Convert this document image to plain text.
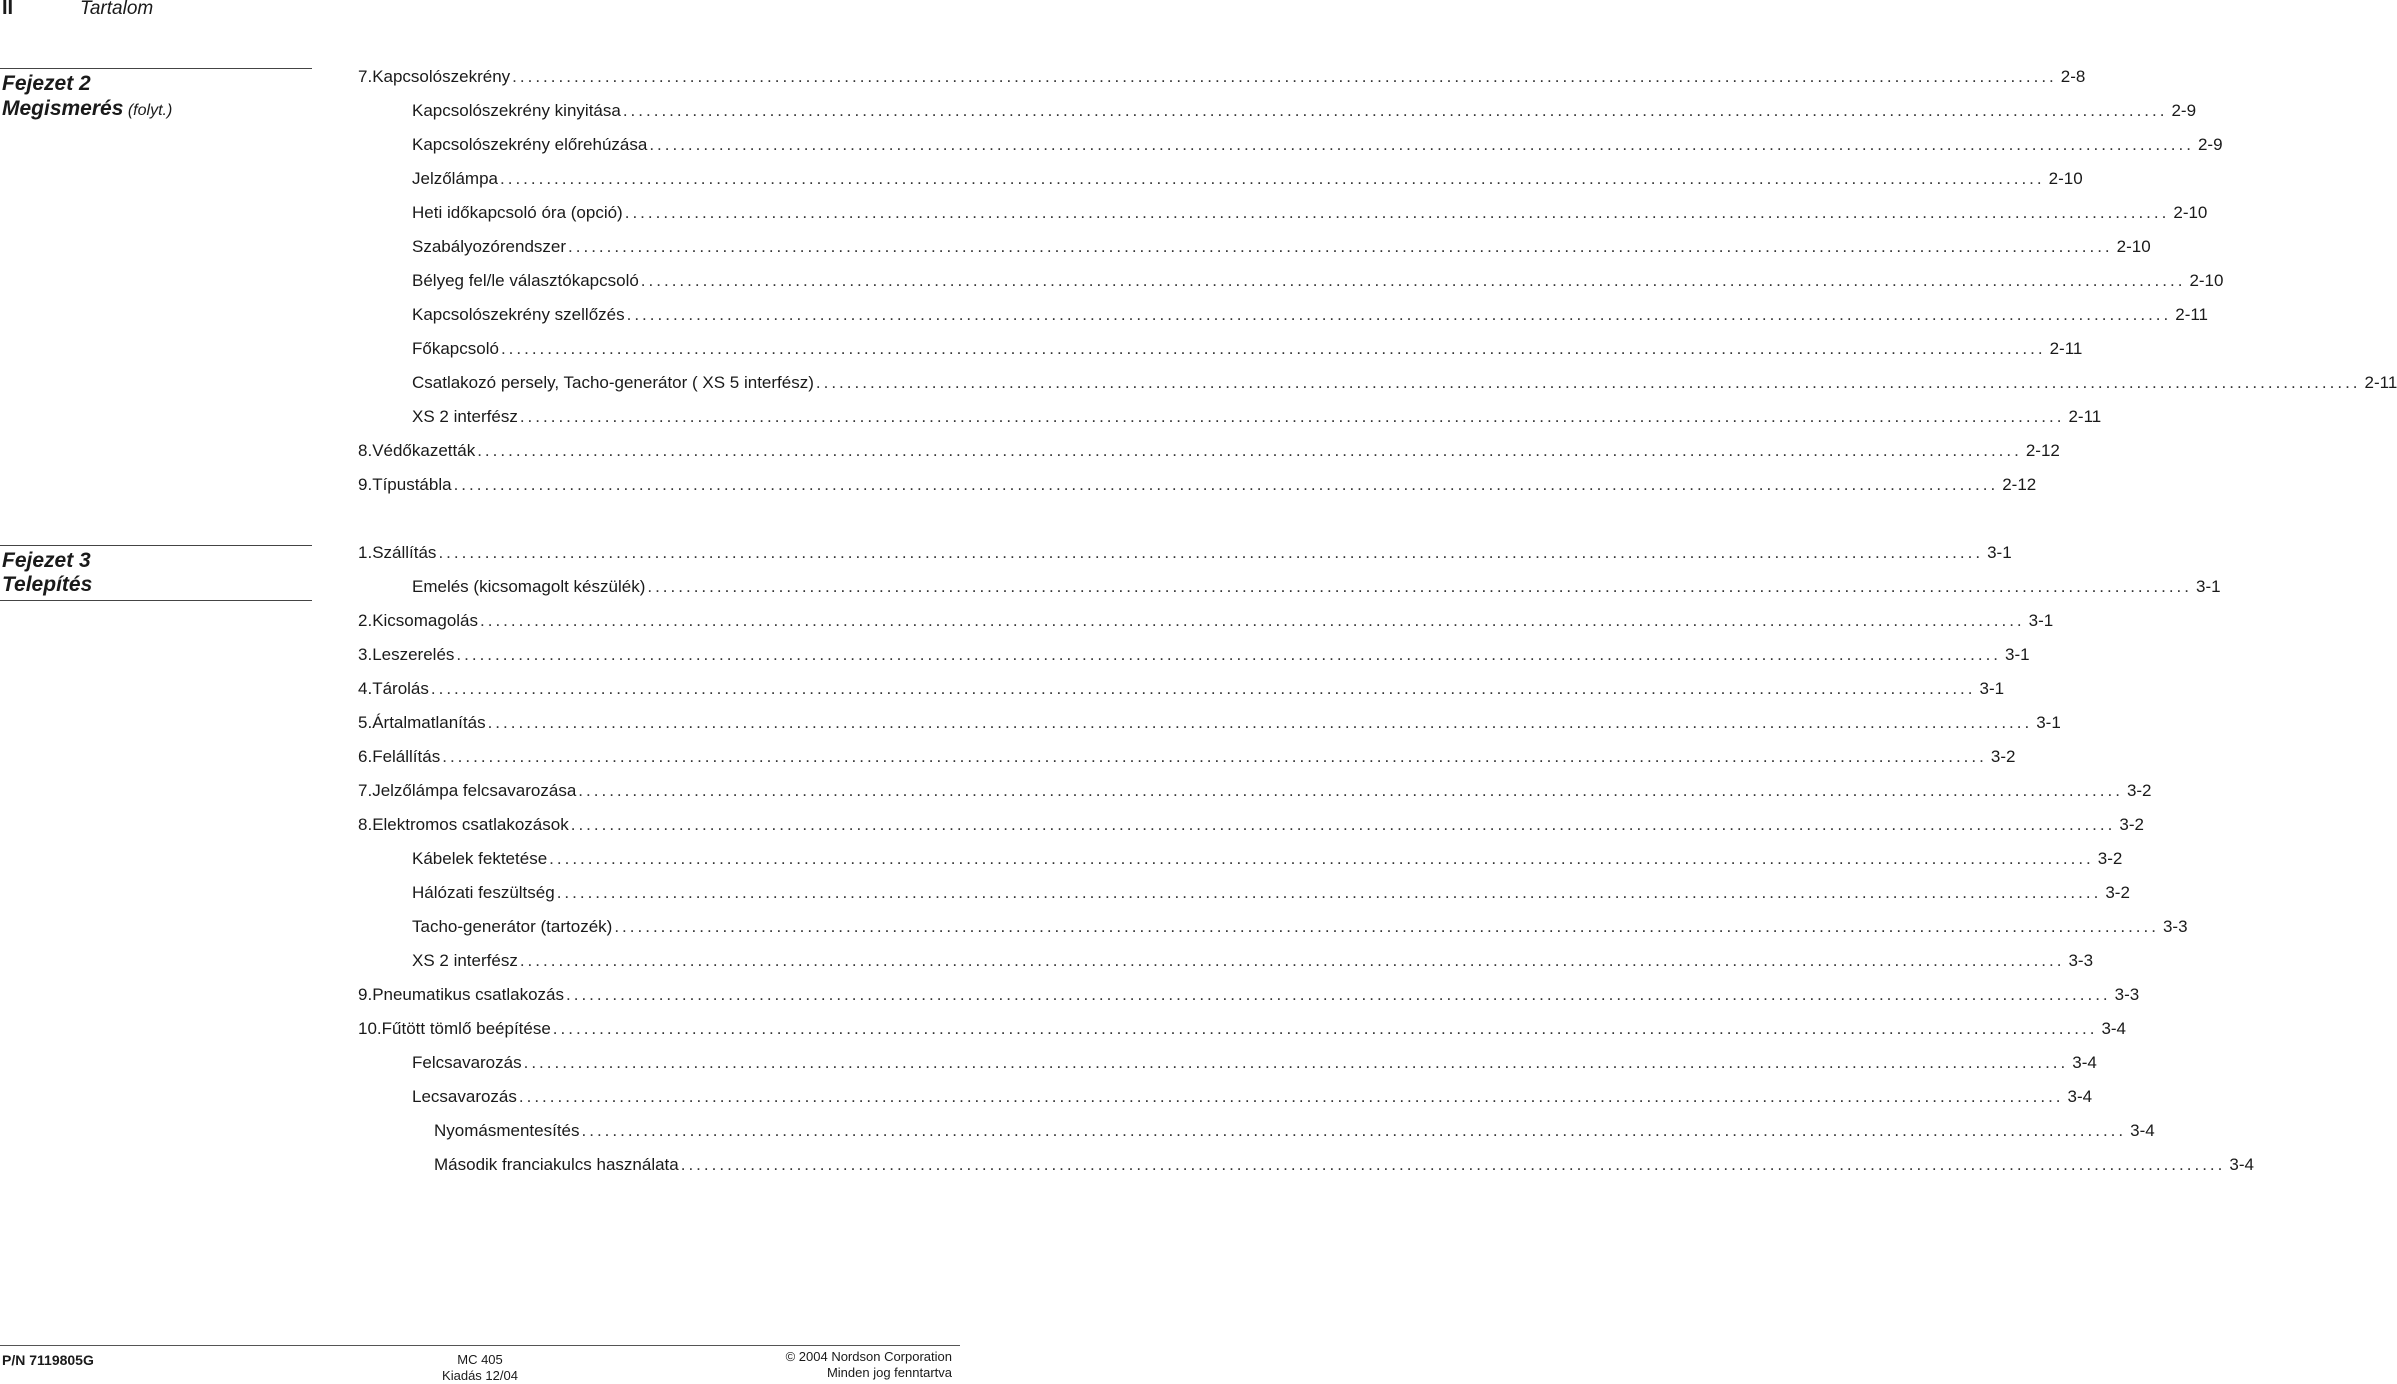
II	Tartalom
Fejezet 2
Megismerés (folyt.)
Fejezet 3
Telepítés
7. Kapcsolószekrény ........................................................................................................................................................................................................ 2-8
Kapcsolószekrény kinyitása ........................................................................................................................................................................................................ 2-9
Kapcsolószekrény előrehúzása ........................................................................................................................................................................................................ 2-9
Jelzőlámpa ........................................................................................................................................................................................................ 2-10
Heti időkapcsoló óra (opció) ........................................................................................................................................................................................................ 2-10
Szabályozórendszer ........................................................................................................................................................................................................ 2-10
Bélyeg fel/le választókapcsoló ........................................................................................................................................................................................................ 2-10
Kapcsolószekrény szellőzés ........................................................................................................................................................................................................ 2-11
Főkapcsoló ........................................................................................................................................................................................................ 2-11
Csatlakozó persely, Tacho-generátor ( XS 5 interfész) ........................................................................................................................................................................................................ 2-11
XS 2 interfész ........................................................................................................................................................................................................ 2-11
8. Védőkazetták ........................................................................................................................................................................................................ 2-12
9. Típustábla ........................................................................................................................................................................................................ 2-12
1. Szállítás ........................................................................................................................................................................................................ 3-1
Emelés (kicsomagolt készülék) ........................................................................................................................................................................................................ 3-1
2. Kicsomagolás ........................................................................................................................................................................................................ 3-1
3. Leszerelés ........................................................................................................................................................................................................ 3-1
4. Tárolás ........................................................................................................................................................................................................ 3-1
5. Ártalmatlanítás ........................................................................................................................................................................................................ 3-1
6. Felállítás ........................................................................................................................................................................................................ 3-2
7. Jelzőlámpa felcsavarozása ........................................................................................................................................................................................................ 3-2
8. Elektromos csatlakozások ........................................................................................................................................................................................................ 3-2
Kábelek fektetése ........................................................................................................................................................................................................ 3-2
Hálózati feszültség ........................................................................................................................................................................................................ 3-2
Tacho-generátor (tartozék) ........................................................................................................................................................................................................ 3-3
XS 2 interfész ........................................................................................................................................................................................................ 3-3
9. Pneumatikus csatlakozás ........................................................................................................................................................................................................ 3-3
10. Fűtött tömlő beépítése ........................................................................................................................................................................................................ 3-4
Felcsavarozás ........................................................................................................................................................................................................ 3-4
Lecsavarozás ........................................................................................................................................................................................................ 3-4
Nyomásmentesítés ........................................................................................................................................................................................................ 3-4
Második franciakulcs használata ........................................................................................................................................................................................................ 3-4
P/N 7119805G	MC 405
Kiadás 12/04
© 2004 Nordson Corporation
Minden jog fenntartva
